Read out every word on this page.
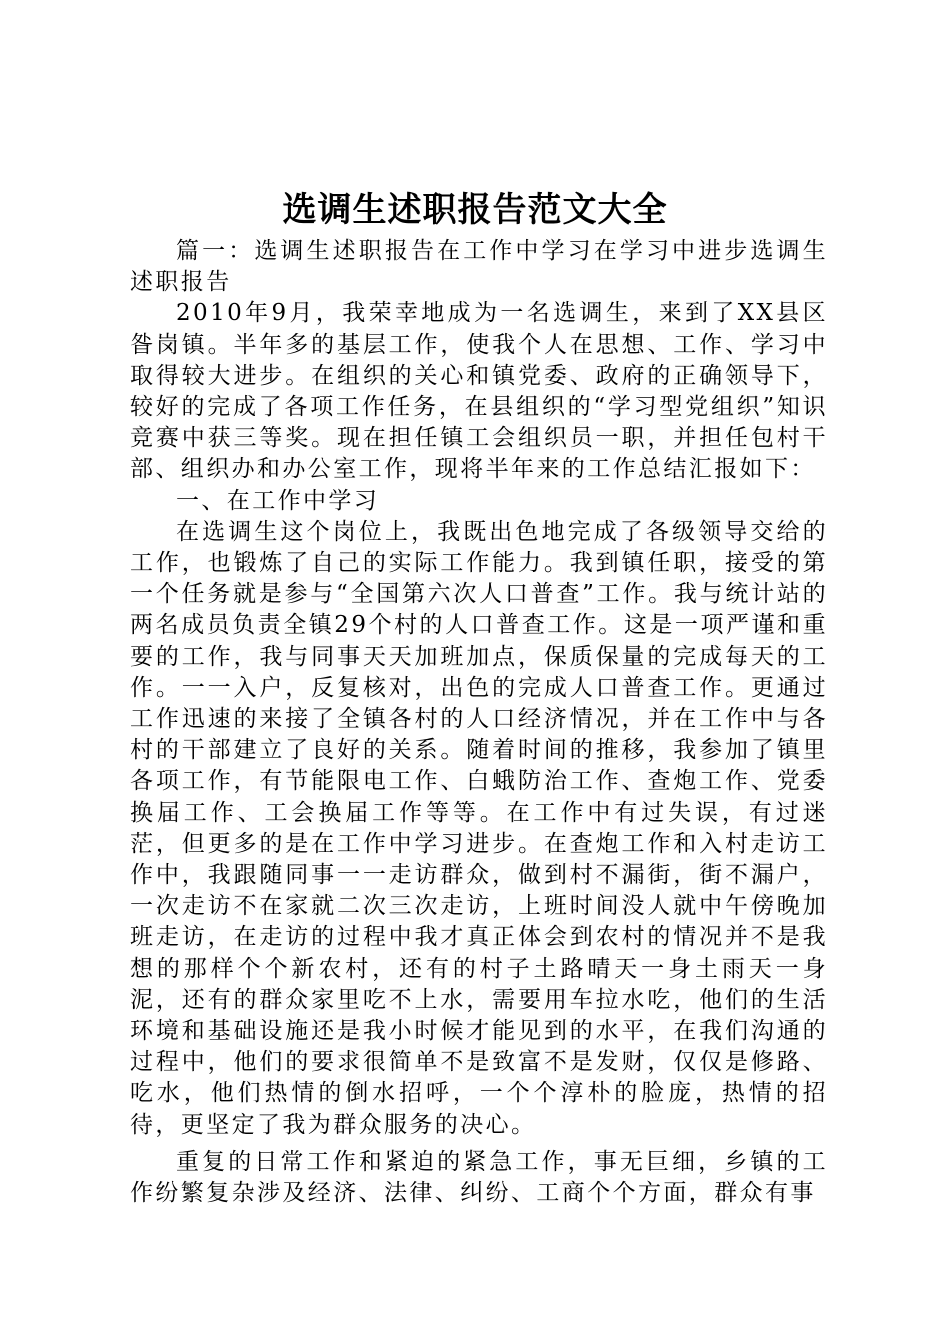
选调生述职报告范文大全

篇一：选调生述职报告在工作中学习在学习中进步选调生述职报告

2010年9月，我荣幸地成为一名选调生，来到了XX县区昝岗镇。半年多的基层工作，使我个人在思想、工作、学习中取得较大进步。在组织的关心和镇党委、政府的正确领导下，较好的完成了各项工作任务，在县组织的“学习型党组织”知识竞赛中获三等奖。现在担任镇工会组织员一职，并担任包村干部、组织办和办公室工作，现将半年来的工作总结汇报如下：

一、在工作中学习

在选调生这个岗位上，我既出色地完成了各级领导交给的工作，也锻炼了自己的实际工作能力。我到镇任职，接受的第一个任务就是参与“全国第六次人口普查”工作。我与统计站的两名成员负责全镇29个村的人口普查工作。这是一项严谨和重要的工作，我与同事天天加班加点，保质保量的完成每天的工作。一一入户，反复核对，出色的完成人口普查工作。更通过工作迅速的来接了全镇各村的人口经济情况，并在工作中与各村的干部建立了良好的关系。随着时间的推移，我参加了镇里各项工作，有节能限电工作、白蛾防治工作、查炮工作、党委换届工作、工会换届工作等等。在工作中有过失误，有过迷茫，但更多的是在工作中学习进步。在查炮工作和入村走访工作中，我跟随同事一一走访群众，做到村不漏街，街不漏户，一次走访不在家就二次三次走访，上班时间没人就中午傍晚加班走访，在走访的过程中我才真正体会到农村的情况并不是我想的那样个个新农村，还有的村子土路晴天一身土雨天一身泥，还有的群众家里吃不上水，需要用车拉水吃，他们的生活环境和基础设施还是我小时候才能见到的水平，在我们沟通的过程中，他们的要求很简单不是致富不是发财，仅仅是修路、吃水，他们热情的倒水招呼，一个个淳朴的脸庞，热情的招待，更坚定了我为群众服务的决心。

重复的日常工作和紧迫的紧急工作，事无巨细，乡镇的工作纷繁复杂涉及经济、法律、纠纷、工商个个方面，群众有事
